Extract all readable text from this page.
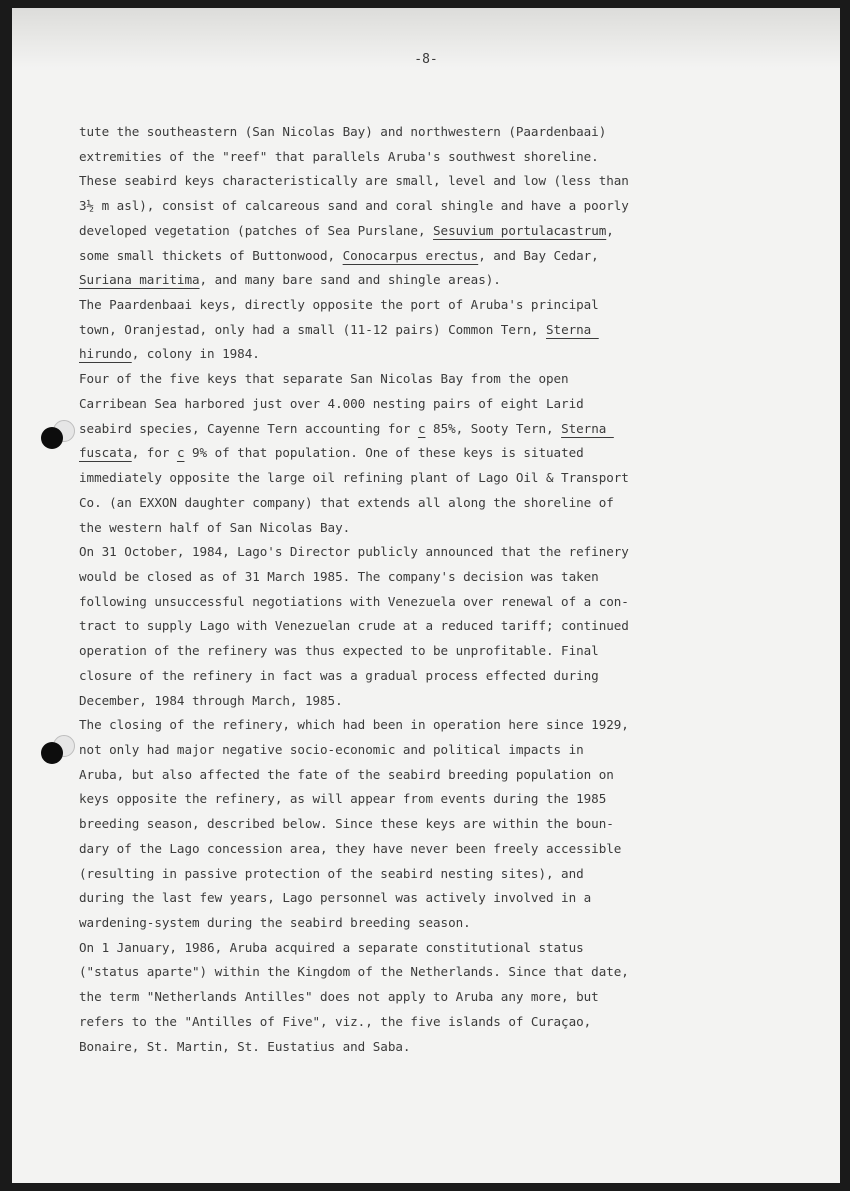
-8-
tute the southeastern (San Nicolas Bay) and northwestern (Paardenbaai)
extremities of the "reef" that parallels Aruba's southwest shoreline.
These seabird keys characteristically are small, level and low (less than
3½ m asl), consist of calcareous sand and coral shingle and have a poorly
developed vegetation (patches of Sea Purslane, Sesuvium portulacastrum,
some small thickets of Buttonwood, Conocarpus erectus, and Bay Cedar,
Suriana maritima, and many bare sand and shingle areas).
The Paardenbaai keys, directly opposite the port of Aruba's principal
town, Oranjestad, only had a small (11-12 pairs) Common Tern, Sterna
hirundo, colony in 1984.
Four of the five keys that separate San Nicolas Bay from the open
Carribean Sea harbored just over 4.000 nesting pairs of eight Larid
seabird species, Cayenne Tern accounting for c 85%, Sooty Tern, Sterna
fuscata, for c 9% of that population. One of these keys is situated
immediately opposite the large oil refining plant of Lago Oil & Transport
Co. (an EXXON daughter company) that extends all along the shoreline of
the western half of San Nicolas Bay.
On 31 October, 1984, Lago's Director publicly announced that the refinery
would be closed as of 31 March 1985. The company's decision was taken
following unsuccessful negotiations with Venezuela over renewal of a con-
tract to supply Lago with Venezuelan crude at a reduced tariff; continued
operation of the refinery was thus expected to be unprofitable. Final
closure of the refinery in fact was a gradual process effected during
December, 1984 through March, 1985.
The closing of the refinery, which had been in operation here since 1929,
not only had major negative socio-economic and political impacts in
Aruba, but also affected the fate of the seabird breeding population on
keys opposite the refinery, as will appear from events during the 1985
breeding season, described below. Since these keys are within the boun-
dary of the Lago concession area, they have never been freely accessible
(resulting in passive protection of the seabird nesting sites), and
during the last few years, Lago personnel was actively involved in a
wardening-system during the seabird breeding season.
On 1 January, 1986, Aruba acquired a separate constitutional status
("status aparte") within the Kingdom of the Netherlands. Since that date,
the term "Netherlands Antilles" does not apply to Aruba any more, but
refers to the "Antilles of Five", viz., the five islands of Curaçao,
Bonaire, St. Martin, St. Eustatius and Saba.
